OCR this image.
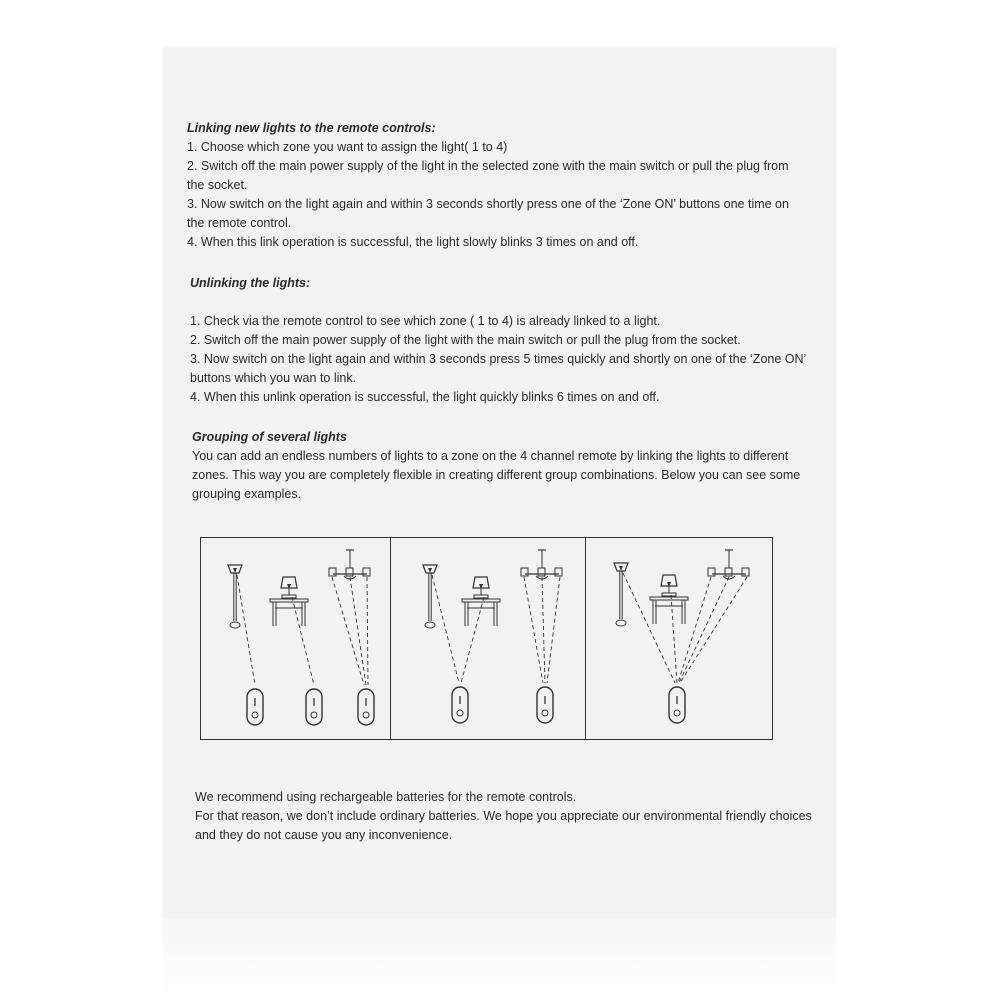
Linking new lights to the remote controls:
1. Choose which zone you want to assign the light( 1 to 4)
2. Switch off the main power supply of the light in the selected zone with the main switch or pull the plug from
the socket.
3. Now switch on the light again and within 3 seconds shortly press one of the ‘Zone ON’ buttons one time on
the remote control.
4. When this link operation is successful, the light slowly blinks 3 times on and off.
Unlinking the lights:
1. Check via the remote control to see which zone ( 1 to 4) is already linked to a light.
2. Switch off the main power supply of the light with the main switch or pull the plug from the socket.
3. Now switch on the light again and within 3 seconds press 5 times quickly and shortly on one of the ‘Zone ON’
buttons which you wan to link.
4. When this unlink operation is successful, the light quickly blinks 6 times on and off.
Grouping of several lights
You can add an endless numbers of lights to a zone on the 4 channel remote by linking the lights to different
zones. This way you are completely flexible in creating different group combinations. Below you can see some
grouping examples.
We recommend using rechargeable batteries for the remote controls.
For that reason, we don’t include ordinary batteries. We hope you appreciate our environmental friendly choices
and they do not cause you any inconvenience.
